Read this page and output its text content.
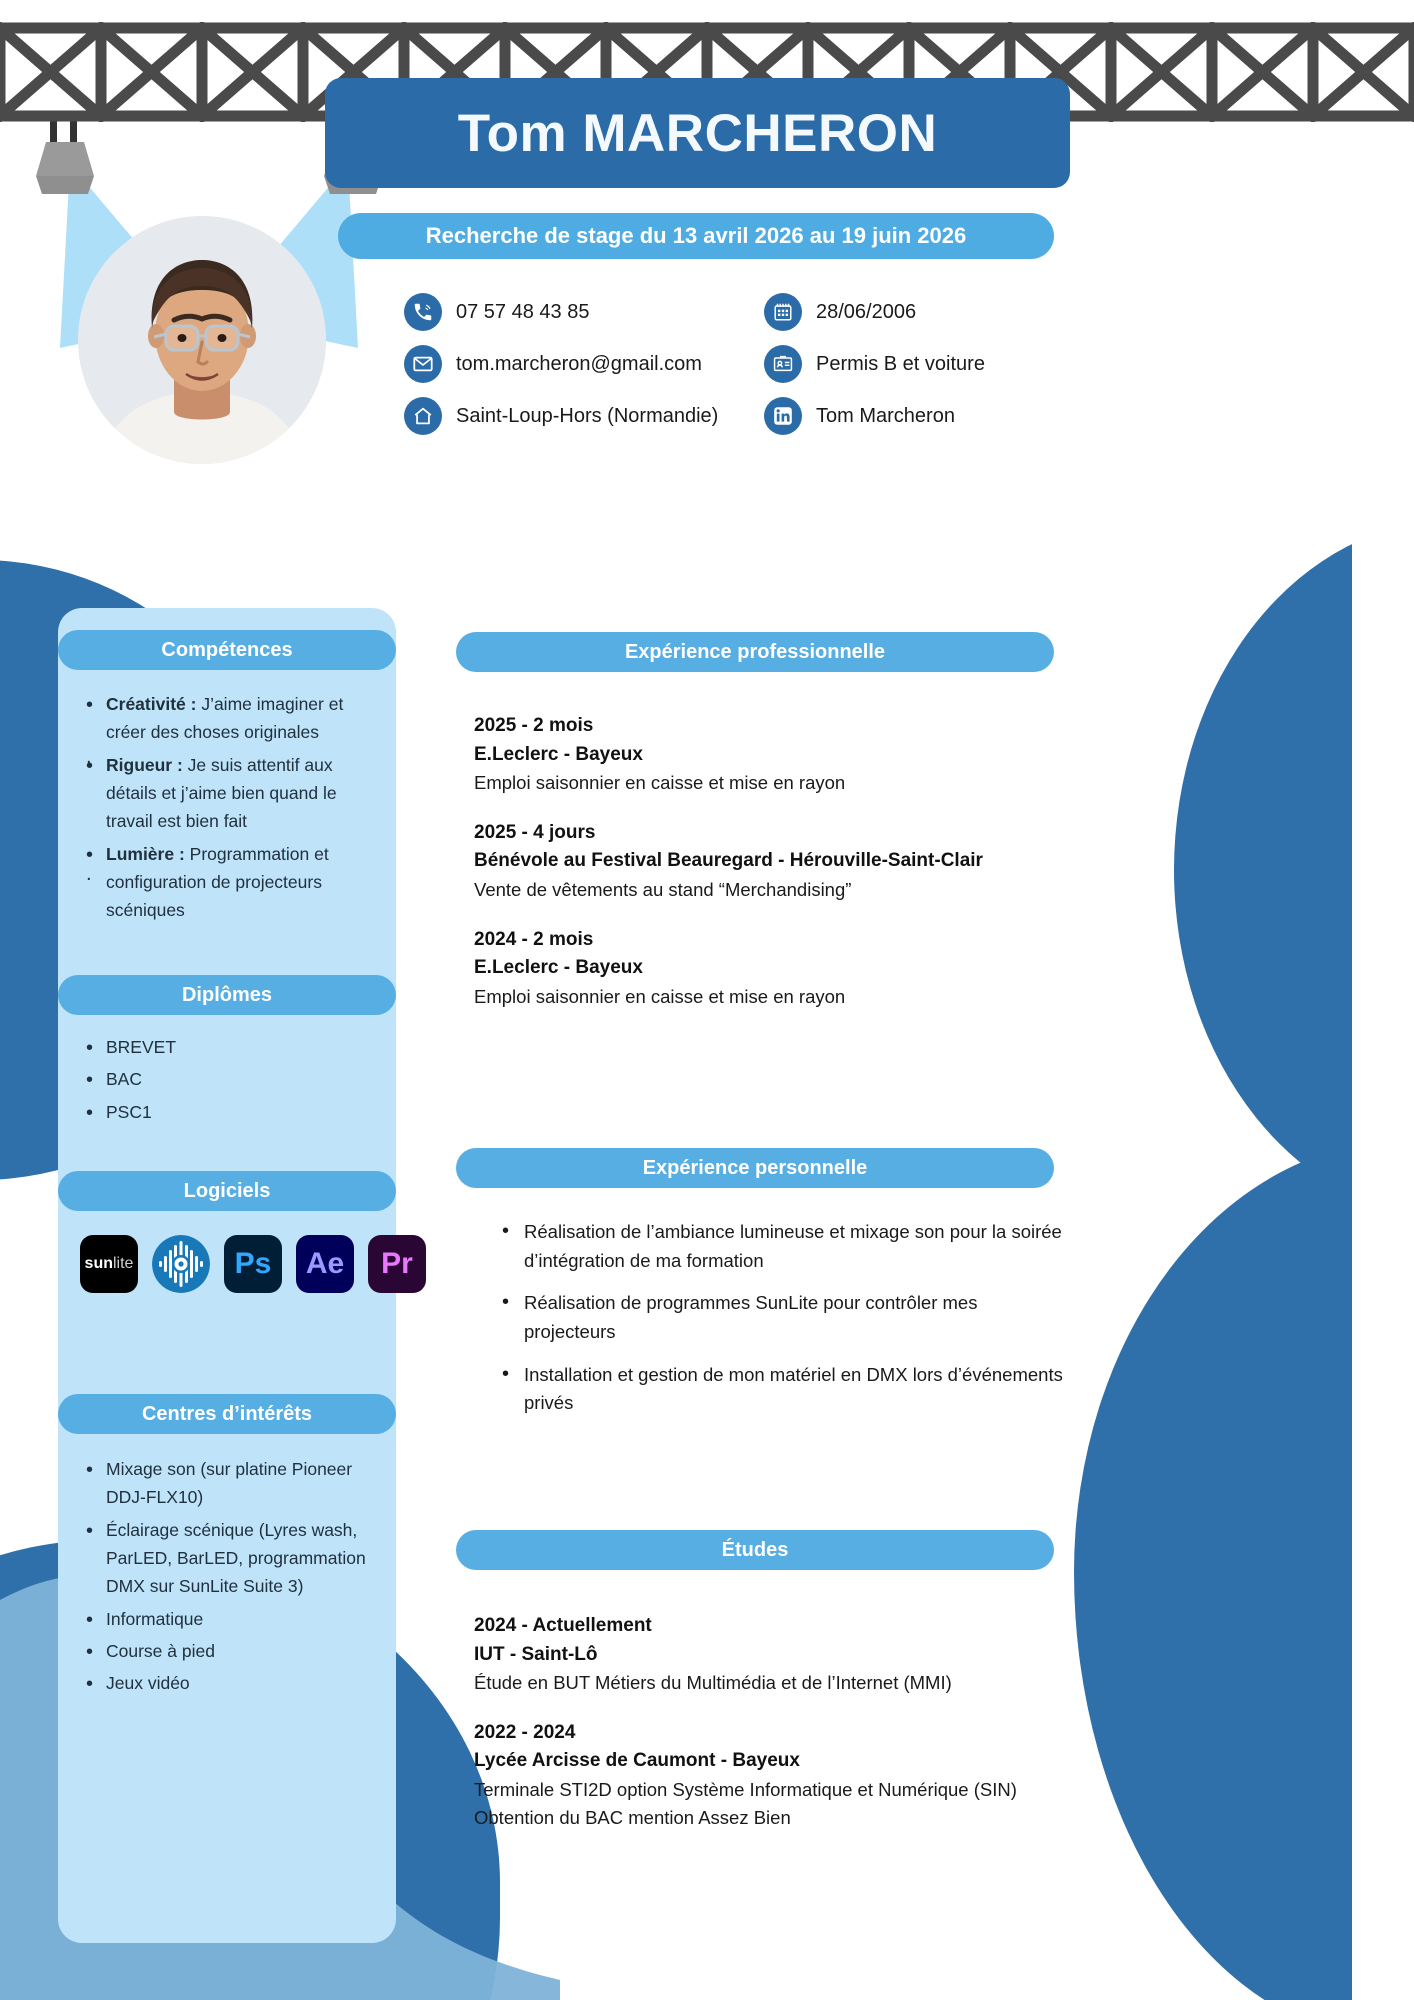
Tom MARCHERON
Recherche de stage du 13 avril 2026 au 19 juin 2026
07 57 48 43 85
tom.marcheron@gmail.com
Saint-Loup-Hors (Normandie)
28/06/2006
Permis B et voiture
Tom Marcheron
Compétences
• Créativité : J’aime imaginer et créer des choses originales
• Rigueur : Je suis attentif aux détails et j’aime bien quand le travail est bien fait
• Lumière : Programmation et configuration de projecteurs scéniques
.
.
Diplômes
• BREVET
• BAC
• PSC1
Logiciels
sun lite	Ps Ae Pr
Centres d’intérêts
• Mixage son (sur platine Pioneer DDJ-FLX10)
• Éclairage scénique (Lyres wash, ParLED, BarLED, programmation DMX sur SunLite Suite 3)
• Informatique
• Course à pied
• Jeux vidéo
Expérience professionnelle
2025 - 2 mois
E.Leclerc - Bayeux
Emploi saisonnier en caisse et mise en rayon
2025 - 4 jours
Bénévole au Festival Beauregard - Hérouville-Saint-Clair
Vente de vêtements au stand “Merchandising”
2024 - 2 mois
E.Leclerc - Bayeux
Emploi saisonnier en caisse et mise en rayon
Expérience personnelle
• Réalisation de l’ambiance lumineuse et mixage son pour la soirée d’intégration de ma formation
• Réalisation de programmes SunLite pour contrôler mes projecteurs
• Installation et gestion de mon matériel en DMX lors d’événements privés
Études
2024 - Actuellement
IUT - Saint-Lô
Étude en BUT Métiers du Multimédia et de l’Internet (MMI)
2022 - 2024
Lycée Arcisse de Caumont - Bayeux
Terminale STI2D option Système Informatique et Numérique (SIN)
Obtention du BAC mention Assez Bien
